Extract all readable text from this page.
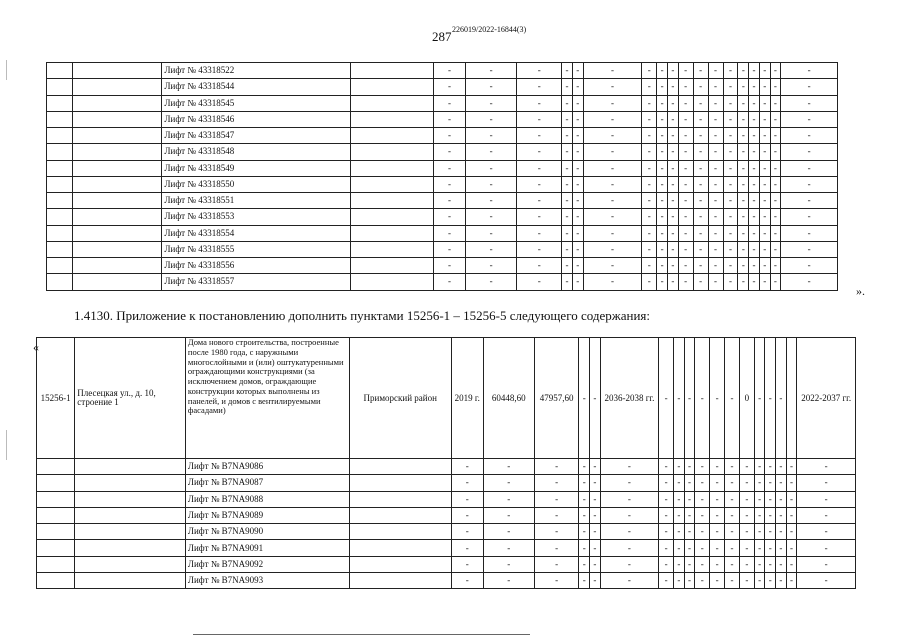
287 226019/2022-16844(3)
		Лифт № 43318522		-	-	-	-	-	-	-	-	-	-	-	-	-	-	-	-	-	-
		Лифт № 43318544		-	-	-	-	-	-	-	-	-	-	-	-	-	-	-	-	-	-
		Лифт № 43318545		-	-	-	-	-	-	-	-	-	-	-	-	-	-	-	-	-	-
		Лифт № 43318546		-	-	-	-	-	-	-	-	-	-	-	-	-	-	-	-	-	-
		Лифт № 43318547		-	-	-	-	-	-	-	-	-	-	-	-	-	-	-	-	-	-
		Лифт № 43318548		-	-	-	-	-	-	-	-	-	-	-	-	-	-	-	-	-	-
		Лифт № 43318549		-	-	-	-	-	-	-	-	-	-	-	-	-	-	-	-	-	-
		Лифт № 43318550		-	-	-	-	-	-	-	-	-	-	-	-	-	-	-	-	-	-
		Лифт № 43318551		-	-	-	-	-	-	-	-	-	-	-	-	-	-	-	-	-	-
		Лифт № 43318553		-	-	-	-	-	-	-	-	-	-	-	-	-	-	-	-	-	-
		Лифт № 43318554		-	-	-	-	-	-	-	-	-	-	-	-	-	-	-	-	-	-
		Лифт № 43318555		-	-	-	-	-	-	-	-	-	-	-	-	-	-	-	-	-	-
		Лифт № 43318556		-	-	-	-	-	-	-	-	-	-	-	-	-	-	-	-	-	-
		Лифт № 43318557		-	-	-	-	-	-	-	-	-	-	-	-	-	-	-	-	-	-
».
1.4130. Приложение к постановлению дополнить пунктами 15256-1 – 15256-5 следующего содержания:
«
15256-1	Плесецкая ул., д. 10, строение 1	Дома нового строительства, построенные после 1980 года, с наружными многослойными и (или) оштукатуренными ограждающими конструкциями (за исключением домов, ограждающие конструкции которых выполнены из панелей, и домов с вентилируемыми фасадами)	Приморский район	2019 г.	60448,60	47957,60	-	-	2036-2038 гг.	-	-	-	-	-	-	0	-	-	-		2022-2037 гг.
		Лифт № B7NA9086		-	-	-	-	-	-	-	-	-	-	-	-	-	-	-	-	-	-
		Лифт № B7NA9087		-	-	-	-	-	-	-	-	-	-	-	-	-	-	-	-	-	-
		Лифт № B7NA9088		-	-	-	-	-	-	-	-	-	-	-	-	-	-	-	-	-	-
		Лифт № B7NA9089		-	-	-	-	-	-	-	-	-	-	-	-	-	-	-	-	-	-
		Лифт № B7NA9090		-	-	-	-	-	-	-	-	-	-	-	-	-	-	-	-	-	-
		Лифт № B7NA9091		-	-	-	-	-	-	-	-	-	-	-	-	-	-	-	-	-	-
		Лифт № B7NA9092		-	-	-	-	-	-	-	-	-	-	-	-	-	-	-	-	-	-
		Лифт № B7NA9093		-	-	-	-	-	-	-	-	-	-	-	-	-	-	-	-	-	-
